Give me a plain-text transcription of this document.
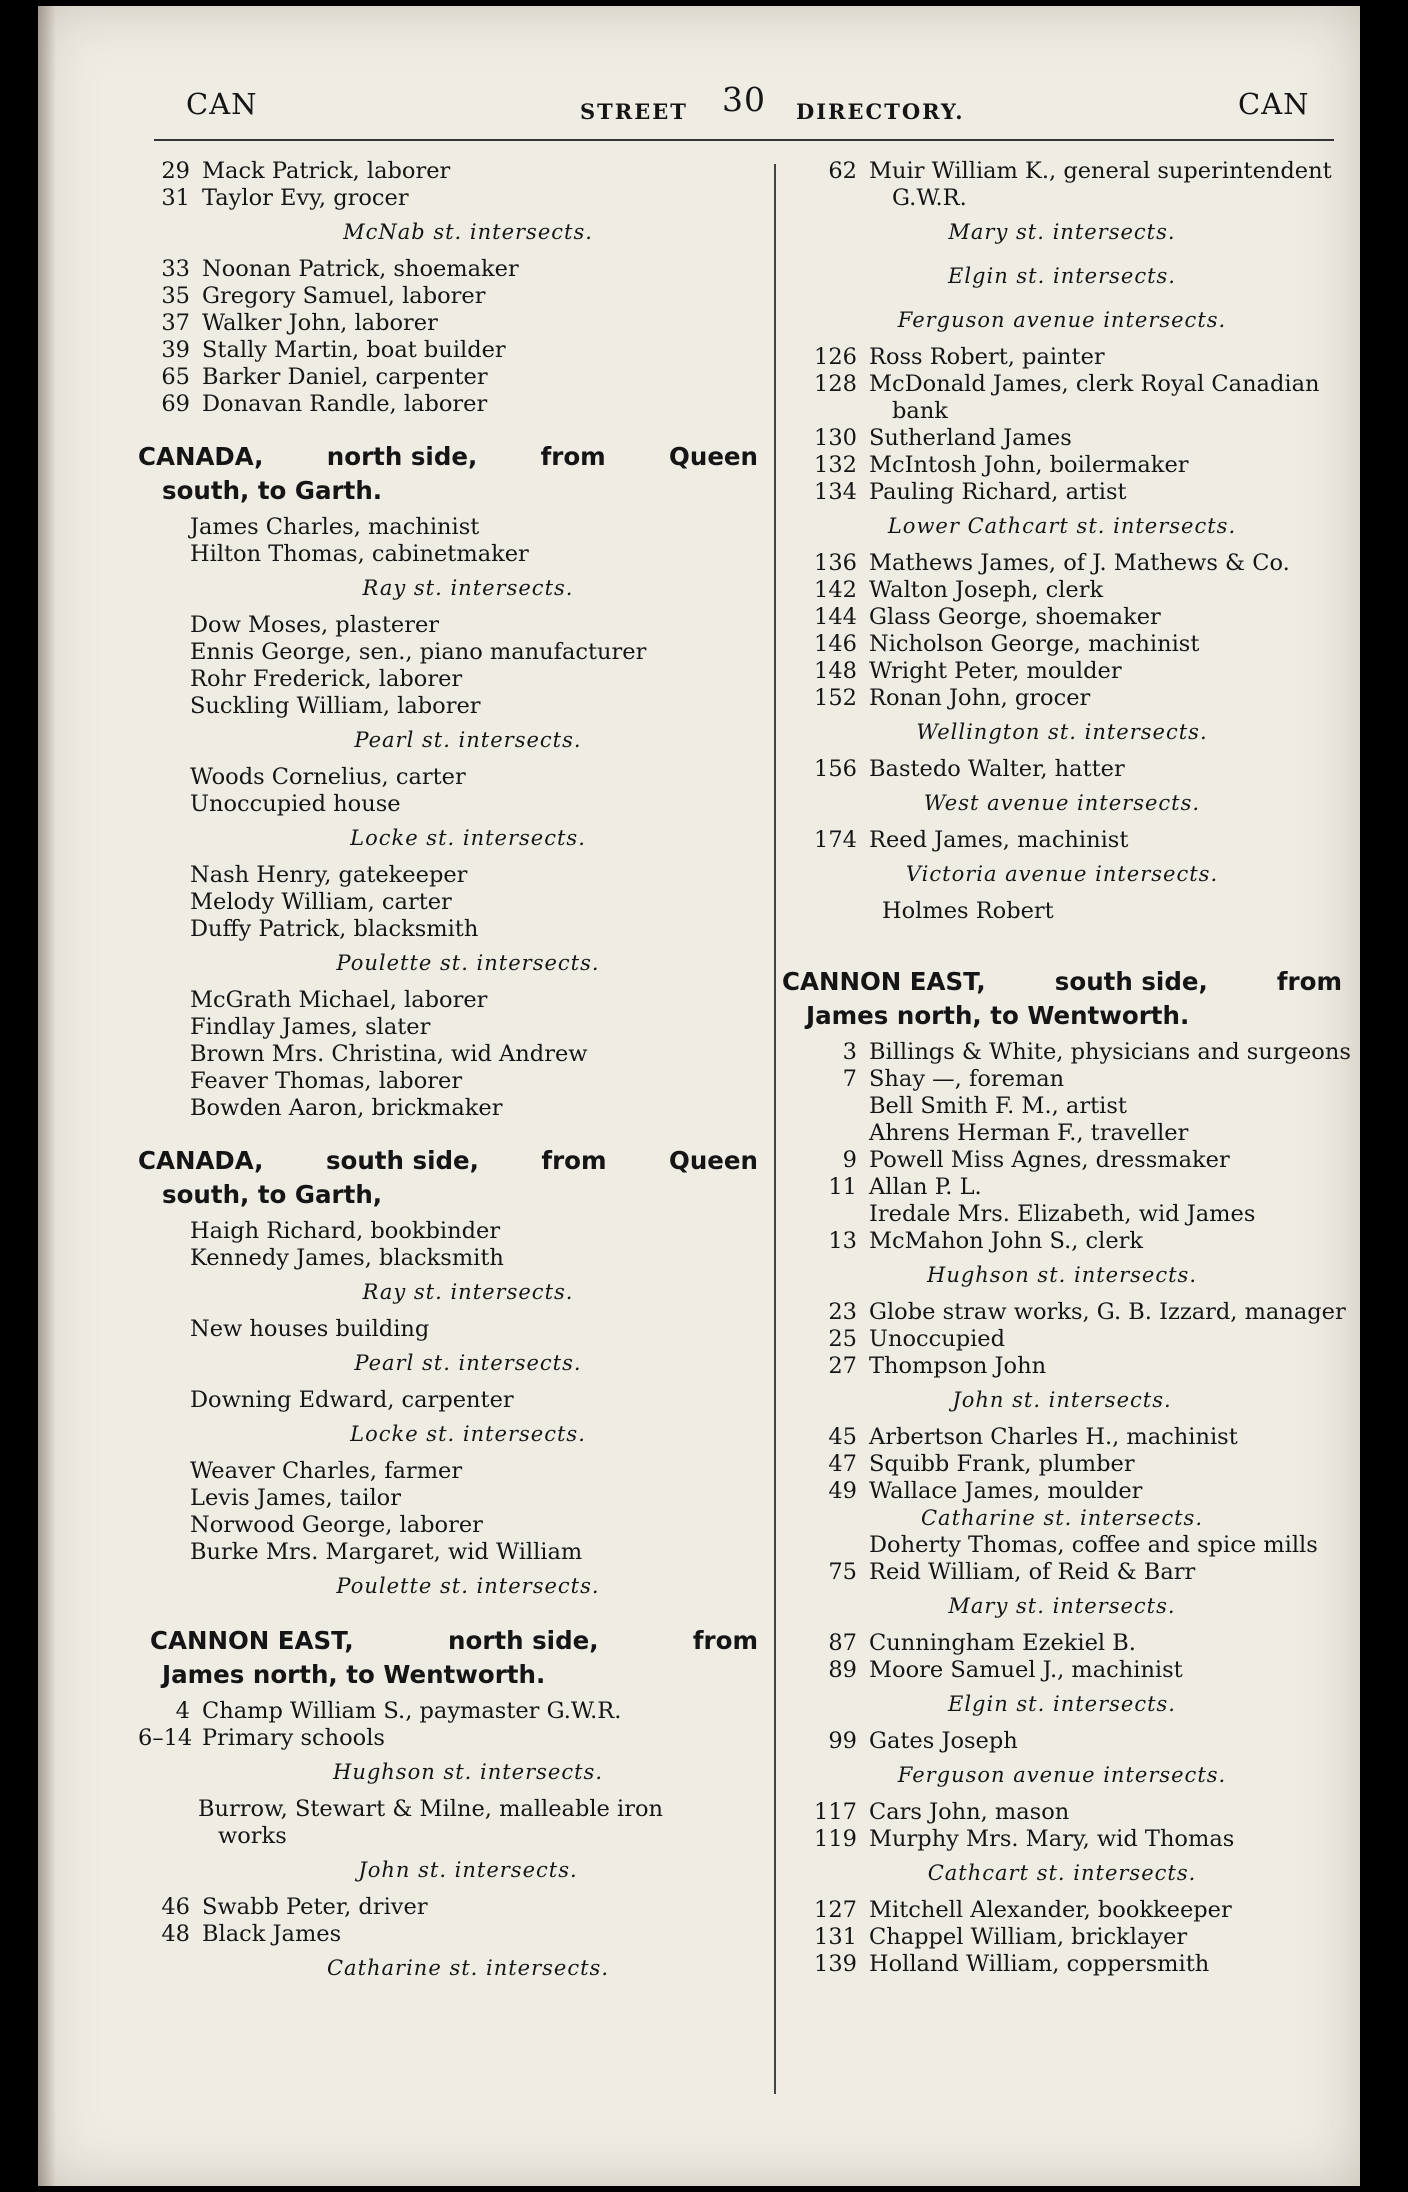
CAN	STREET 30 DIRECTORY.	CAN
29 Mack Patrick, laborer
31 Taylor Evy, grocer
McNab st. intersects.
33 Noonan Patrick, shoemaker
35 Gregory Samuel, laborer
37 Walker John, laborer
39 Stally Martin, boat builder
65 Barker Daniel, carpenter
69 Donavan Randle, laborer
CANADA,	north side,	from	Queen
south, to Garth.
James Charles, machinist
Hilton Thomas, cabinetmaker
Ray st. intersects.
Dow Moses, plasterer
Ennis George, sen., piano manufacturer
Rohr Frederick, laborer
Suckling William, laborer
Pearl st. intersects.
Woods Cornelius, carter
Unoccupied house
Locke st. intersects.
Nash Henry, gatekeeper
Melody William, carter
Duffy Patrick, blacksmith
Poulette st. intersects.
McGrath Michael, laborer
Findlay James, slater
Brown Mrs. Christina, wid Andrew
Feaver Thomas, laborer
Bowden Aaron, brickmaker
CANADA,	south side,	from	Queen
south, to Garth,
Haigh Richard, bookbinder
Kennedy James, blacksmith
Ray st. intersects.
New houses building
Pearl st. intersects.
Downing Edward, carpenter
Locke st. intersects.
Weaver Charles, farmer
Levis James, tailor
Norwood George, laborer
Burke Mrs. Margaret, wid William
Poulette st. intersects.
CANNON EAST,	north side,	from
James north, to Wentworth.
4 Champ William S., paymaster G.W.R.
6–14 Primary schools
Hughson st. intersects.
Burrow, Stewart & Milne, malleable iron
works
John st. intersects.
46 Swabb Peter, driver
48 Black James
Catharine st. intersects.
62 Muir William K., general superintendent
G.W.R.
Mary st. intersects.
Elgin st. intersects.
Ferguson avenue intersects.
126 Ross Robert, painter
128 McDonald James, clerk Royal Canadian
bank
130 Sutherland James
132 McIntosh John, boilermaker
134 Pauling Richard, artist
Lower Cathcart st. intersects.
136 Mathews James, of J. Mathews & Co.
142 Walton Joseph, clerk
144 Glass George, shoemaker
146 Nicholson George, machinist
148 Wright Peter, moulder
152 Ronan John, grocer
Wellington st. intersects.
156 Bastedo Walter, hatter
West avenue intersects.
174 Reed James, machinist
Victoria avenue intersects.
Holmes Robert
CANNON EAST,	south side,	from
James north, to Wentworth.
3 Billings & White, physicians and surgeons
7 Shay —, foreman
Bell Smith F. M., artist
Ahrens Herman F., traveller
9 Powell Miss Agnes, dressmaker
11 Allan P. L.
Iredale Mrs. Elizabeth, wid James
13 McMahon John S., clerk
Hughson st. intersects.
23 Globe straw works, G. B. Izzard, manager
25 Unoccupied
27 Thompson John
John st. intersects.
45 Arbertson Charles H., machinist
47 Squibb Frank, plumber
49 Wallace James, moulder
Catharine st. intersects.
Doherty Thomas, coffee and spice mills
75 Reid William, of Reid & Barr
Mary st. intersects.
87 Cunningham Ezekiel B.
89 Moore Samuel J., machinist
Elgin st. intersects.
99 Gates Joseph
Ferguson avenue intersects.
117 Cars John, mason
119 Murphy Mrs. Mary, wid Thomas
Cathcart st. intersects.
127 Mitchell Alexander, bookkeeper
131 Chappel William, bricklayer
139 Holland William, coppersmith
